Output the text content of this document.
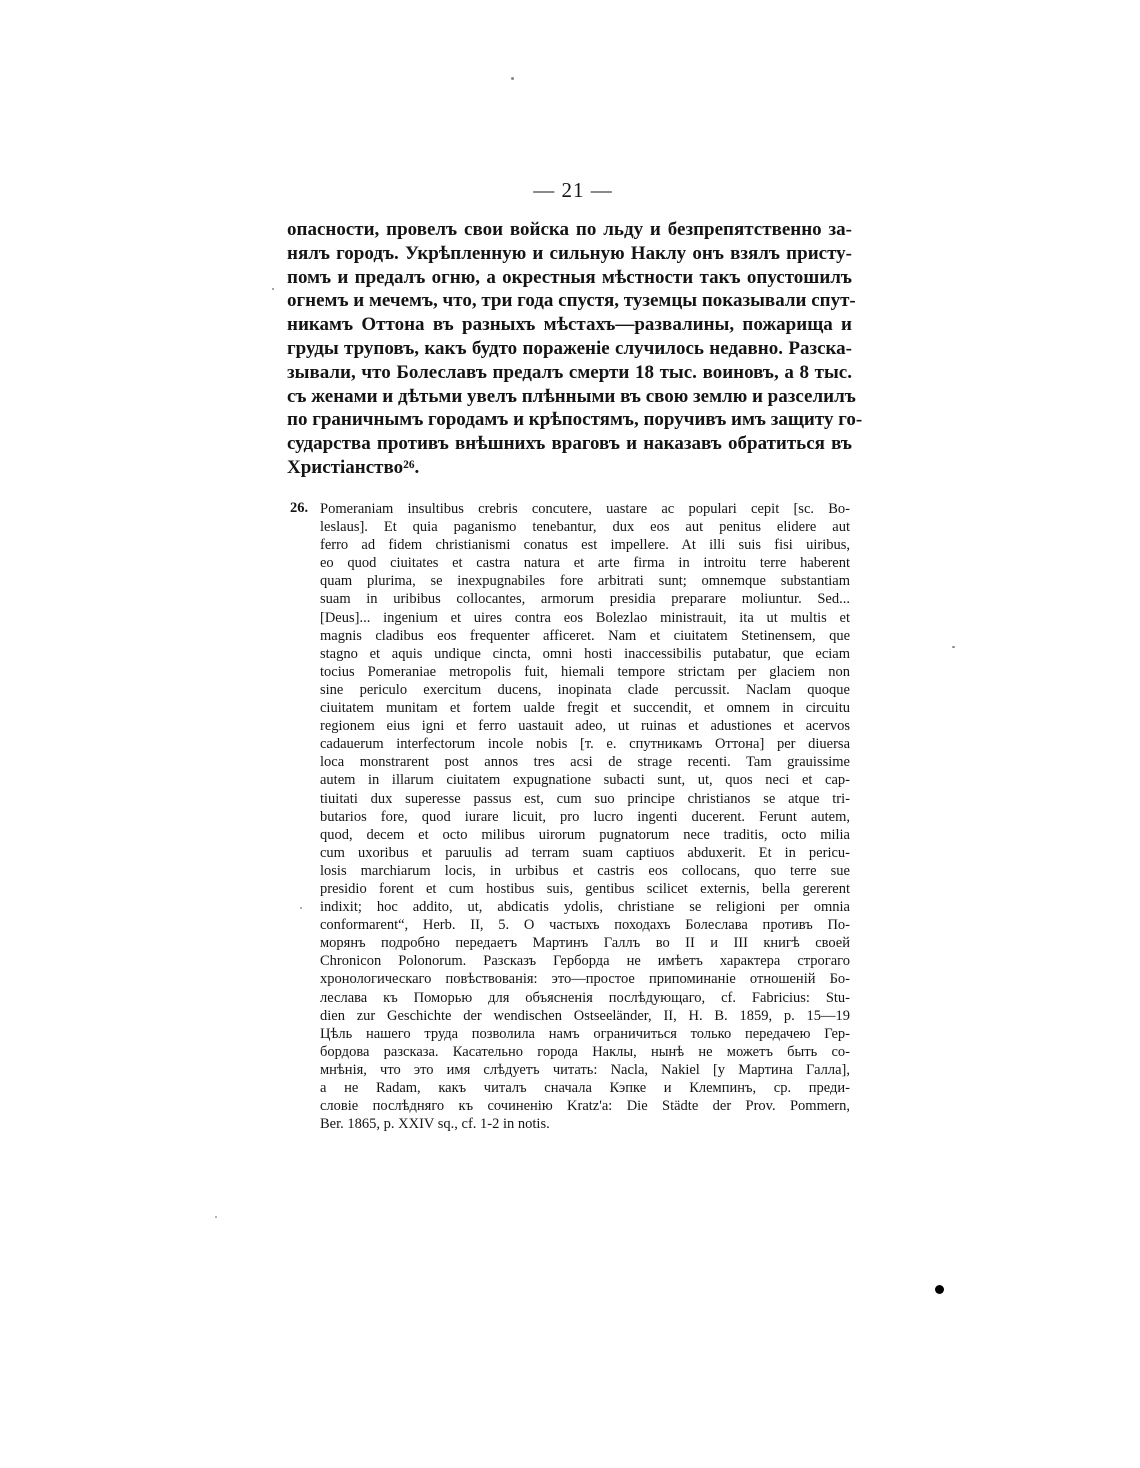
— 21 —
опасности, провелъ свои войска по льду и безпрепятственно за-
нялъ городъ. Укрѣпленную и сильную Наклу онъ взялъ присту-
помъ и предалъ огню, а окрестныя мѣстности такъ опустошилъ
огнемъ и мечемъ, что, три года спустя, туземцы показывали спут-
никамъ Оттона въ разныхъ мѣстахъ—развалины, пожарища и
груды труповъ, какъ будто пораженіе случилось недавно. Разска-
зывали, что Болеславъ предалъ смерти 18 тыс. воиновъ, а 8 тыс.
съ женами и дѣтьми увелъ плѣнными въ свою землю и разселилъ
по граничнымъ городамъ и крѣпостямъ, поручивъ имъ защиту го-
сударства противъ внѣшнихъ враговъ и наказавъ обратиться въ
Христіанство²⁶.
26. Pomeraniam insultibus crebris concutere, uastare ac populari cepit [sc. Bo-
leslaus]. Et quia paganismo tenebantur, dux eos aut penitus elidere aut
ferro ad fidem christianismi conatus est impellere. At illi suis fisi uiribus,
eo quod ciuitates et castra natura et arte firma in introitu terre haberent
quam plurima, se inexpugnabiles fore arbitrati sunt; omnemque substantiam
suam in uribibus collocantes, armorum presidia preparare moliuntur. Sed...
[Deus]... ingenium et uires contra eos Bolezlao ministrauit, ita ut multis et
magnis cladibus eos frequenter afficeret. Nam et ciuitatem Stetinensem, que
stagno et aquis undique cincta, omni hosti inaccessibilis putabatur, que eciam
tocius Pomeraniae metropolis fuit, hiemali tempore strictam per glaciem non
sine periculo exercitum ducens, inopinata clade percussit. Naclam quoque
ciuitatem munitam et fortem ualde fregit et succendit, et omnem in circuitu
regionem eius igni et ferro uastauit adeo, ut ruinas et adustiones et acervos
cadauerum interfectorum incole nobis [т. е. спутникамъ Оттона] per diuersa
loca monstrarent post annos tres acsi de strage recenti. Tam grauissime
autem in illarum ciuitatem expugnatione subacti sunt, ut, quos neci et cap-
tiuitati dux superesse passus est, cum suo principe christianos se atque tri-
butarios fore, quod iurare licuit, pro lucro ingenti ducerent. Ferunt autem,
quod, decem et octo milibus uirorum pugnatorum nece traditis, octo milia
cum uxoribus et paruulis ad terram suam captiuos abduxerit. Et in pericu-
losis marchiarum locis, in urbibus et castris eos collocans, quo terre sue
presidio forent et cum hostibus suis, gentibus scilicet externis, bella gererent
indixit; hoc addito, ut, abdicatis ydolis, christiane se religioni per omnia
conformarent“, Herb. II, 5. О частыхъ походахъ Болеслава противъ По-
морянъ подробно передаетъ Мартинъ Галлъ во II и III книгѣ своей
Chronicon Polonorum. Разсказъ Герборда не имѣетъ характера строгаго
хронологическаго повѣствованія: это—простое припоминаніе отношеній Бо-
леслава къ Поморью для объясненія послѣдующаго, cf. Fabricius: Stu-
dien zur Geschichte der wendischen Ostseeländer, II, H. B. 1859, p. 15—19
Цѣль нашего труда позволила намъ ограничиться только передачею Гер-
бордова разсказа. Касательно города Наклы, нынѣ не можетъ быть со-
мнѣнія, что это имя слѣдуетъ читать: Nacla, Nakiel [у Мартина Галла],
а не Radam, какъ читалъ сначала Кэпке и Клемпинъ, ср. преди-
словіе послѣдняго къ сочиненію Kratz'a: Die Städte der Prov. Pommern,
Ber. 1865, p. XXIV sq., cf. 1-2 in notis.
